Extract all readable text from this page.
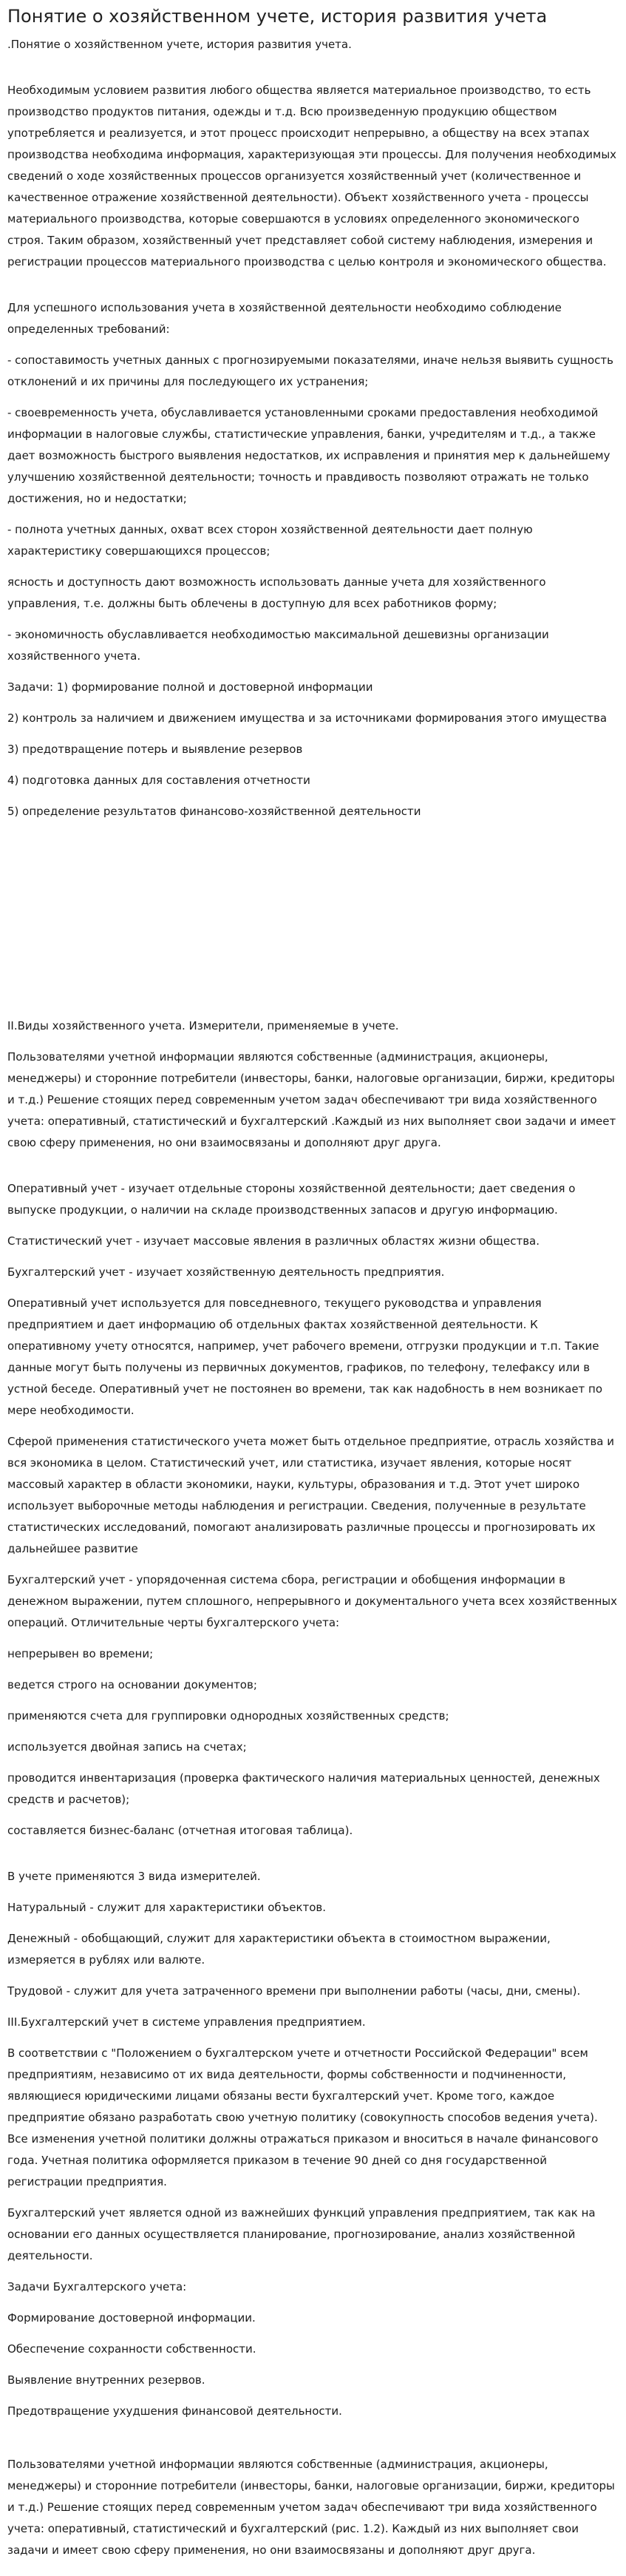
Понятие о хозяйственном учете, история развития учета
.Понятие о хозяйственном учете, история развития учета.
Необходимым условием развития любого общества является материальное производство, то есть производство продуктов питания, одежды и т.д. Всю произведенную продукцию обществом употребляется и реализуется, и этот процесс происходит непрерывно, а обществу на всех этапах производства необходима информация, характеризующая эти процессы. Для получения необходимых сведений о ходе хозяйственных процессов организуется хозяйственный учет (количественное и качественное отражение хозяйственной деятельности). Объект хозяйственного учета - процессы материального производства, которые совершаются в условиях определенного экономического строя. Таким образом, хозяйственный учет представляет собой систему наблюдения, измерения и регистрации процессов материального производства с целью контроля и экономического общества.
Для успешного использования учета в хозяйственной деятельности необходимо соблюдение определенных требований:
- сопоставимость учетных данных с прогнозируемыми показателями, иначе нельзя выявить сущность отклонений и их причины для последующего их устранения;
- своевременность учета, обуславливается установленными сроками предоставления необходимой информации в налоговые службы, статистические управления, банки, учредителям и т.д., а также дает возможность быстрого выявления недостатков, их исправления и принятия мер к дальнейшему улучшению хозяйственной деятельности; точность и правдивость позволяют отражать не только достижения, но и недостатки;
- полнота учетных данных, охват всех сторон хозяйственной деятельности дает полную характеристику совершающихся процессов;
ясность и доступность дают возможность использовать данные учета для хозяйственного управления, т.е. должны быть облечены в доступную для всех работников форму;
- экономичность обуславливается необходимостью максимальной дешевизны организации хозяйственного учета.
Задачи: 1) формирование полной и достоверной информации
2) контроль за наличием и движением имущества и за источниками формирования этого имущества
3) предотвращение потерь и выявление резервов
4) подготовка данных для составления отчетности
5) определение результатов финансово-хозяйственной деятельности
II.Виды хозяйственного учета. Измерители, применяемые в учете.
Пользователями учетной информации являются собственные (администрация, акционеры, менеджеры) и сторонние потребители (инвесторы, банки, налоговые организации, биржи, кредиторы и т.д.) Решение стоящих перед современным учетом задач обеспечивают три вида хозяйственного учета: оперативный, статистический и бухгалтерский .Каждый из них выполняет свои задачи и имеет свою сферу применения, но они взаимосвязаны и дополняют друг друга.
Оперативный учет - изучает отдельные стороны хозяйственной деятельности; дает сведения о выпуске продукции, о наличии на складе производственных запасов и другую информацию.
Статистический учет - изучает массовые явления в различных областях жизни общества.
Бухгалтерский учет - изучает хозяйственную деятельность предприятия.
Оперативный учет используется для повседневного, текущего руководства и управления предприятием и дает информацию об отдельных фактах хозяйственной деятельности. К оперативному учету относятся, например, учет рабочего времени, отгрузки продукции и т.п. Такие данные могут быть получены из первичных документов, графиков, по телефону, телефаксу или в устной беседе. Оперативный учет не постоянен во времени, так как надобность в нем возникает по мере необходимости.
Сферой применения статистического учета может быть отдельное предприятие, отрасль хозяйства и вся экономика в целом. Статистический учет, или статистика, изучает явления, которые носят массовый характер в области экономики, науки, культуры, образования и т.д. Этот учет широко использует выборочные методы наблюдения и регистрации. Сведения, полученные в результате статистических исследований, помогают анализировать различные процессы и прогнозировать их дальнейшее развитие
Бухгалтерский учет - упорядоченная система сбора, регистрации и обобщения информации в денежном выражении, путем сплошного, непрерывного и документального учета всех хозяйственных операций. Отличительные черты бухгалтерского учета:
непрерывен во времени;
ведется строго на основании документов;
применяются счета для группировки однородных хозяйственных средств;
используется двойная запись на счетах;
проводится инвентаризация (проверка фактического наличия материальных ценностей, денежных средств и расчетов);
составляется бизнес-баланс (отчетная итоговая таблица).
В учете применяются 3 вида измерителей.
Натуральный - служит для характеристики объектов.
Денежный - обобщающий, служит для характеристики объекта в стоимостном выражении, измеряется в рублях или валюте.
Трудовой - служит для учета затраченного времени при выполнении работы (часы, дни, смены).
III.Бухгалтерский учет в системе управления предприятием.
В соответствии с "Положением о бухгалтерском учете и отчетности Российской Федерации" всем предприятиям, независимо от их вида деятельности, формы собственности и подчиненности, являющиеся юридическими лицами обязаны вести бухгалтерский учет. Кроме того, каждое предприятие обязано разработать свою учетную политику (совокупность способов ведения учета). Все изменения учетной политики должны отражаться приказом и вноситься в начале финансового года. Учетная политика оформляется приказом в течение 90 дней со дня государственной регистрации предприятия.
Бухгалтерский учет является одной из важнейших функций управления предприятием, так как на основании его данных осуществляется планирование, прогнозирование, анализ хозяйственной деятельности.
Задачи Бухгалтерского учета:
Формирование достоверной информации.
Обеспечение сохранности собственности.
Выявление внутренних резервов.
Предотвращение ухудшения финансовой деятельности.
Пользователями учетной информации являются собственные (администрация, акционеры, менеджеры) и сторонние потребители (инвесторы, банки, налоговые организации, биржи, кредиторы и т.д.) Решение стоящих перед современным учетом задач обеспечивают три вида хозяйственного учета: оперативный, статистический и бухгалтерский (рис. 1.2). Каждый из них выполняет свои задачи и имеет свою сферу применения, но они взаимосвязаны и дополняют друг друга.
